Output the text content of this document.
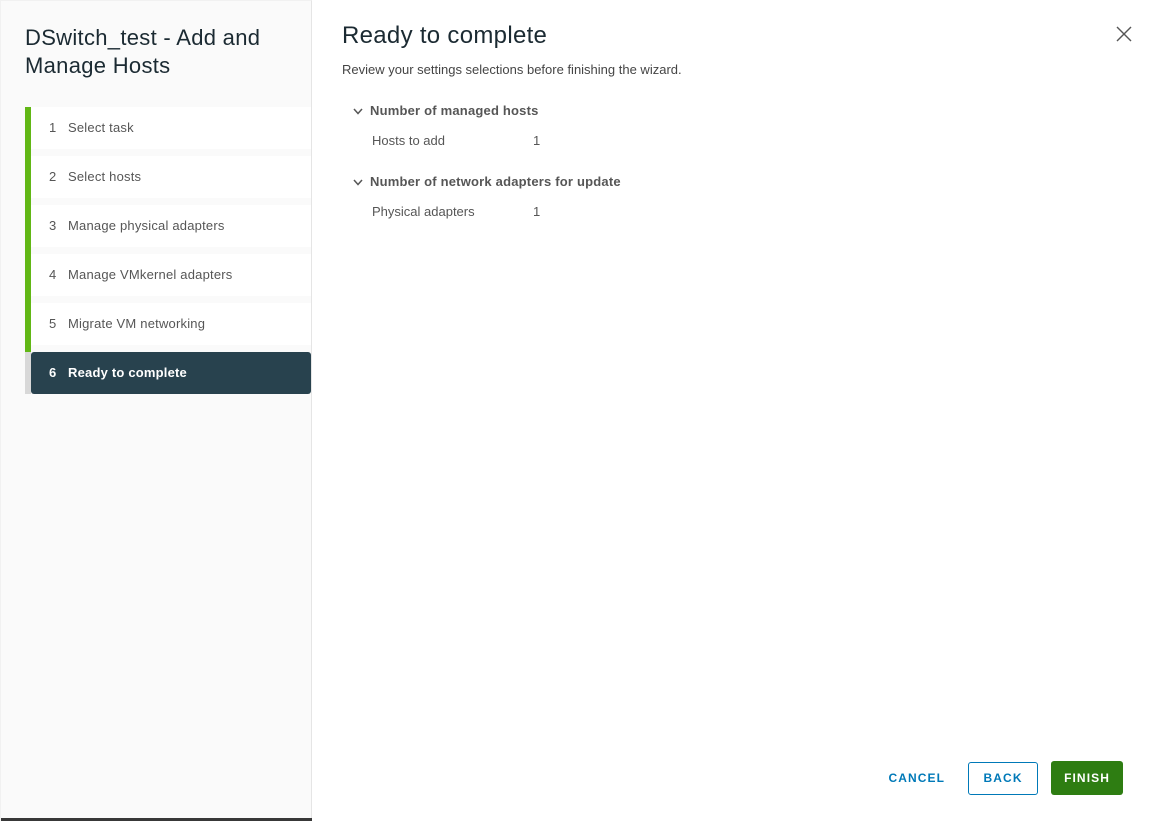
DSwitch_test - Add and Manage Hosts
1 Select task
2 Select hosts
3 Manage physical adapters
4 Manage VMkernel adapters
5 Migrate VM networking
6 Ready to complete
Ready to complete
Review your settings selections before finishing the wizard.
Number of managed hosts
Hosts to add	1
Number of network adapters for update
Physical adapters	1
CANCEL	BACK	FINISH
